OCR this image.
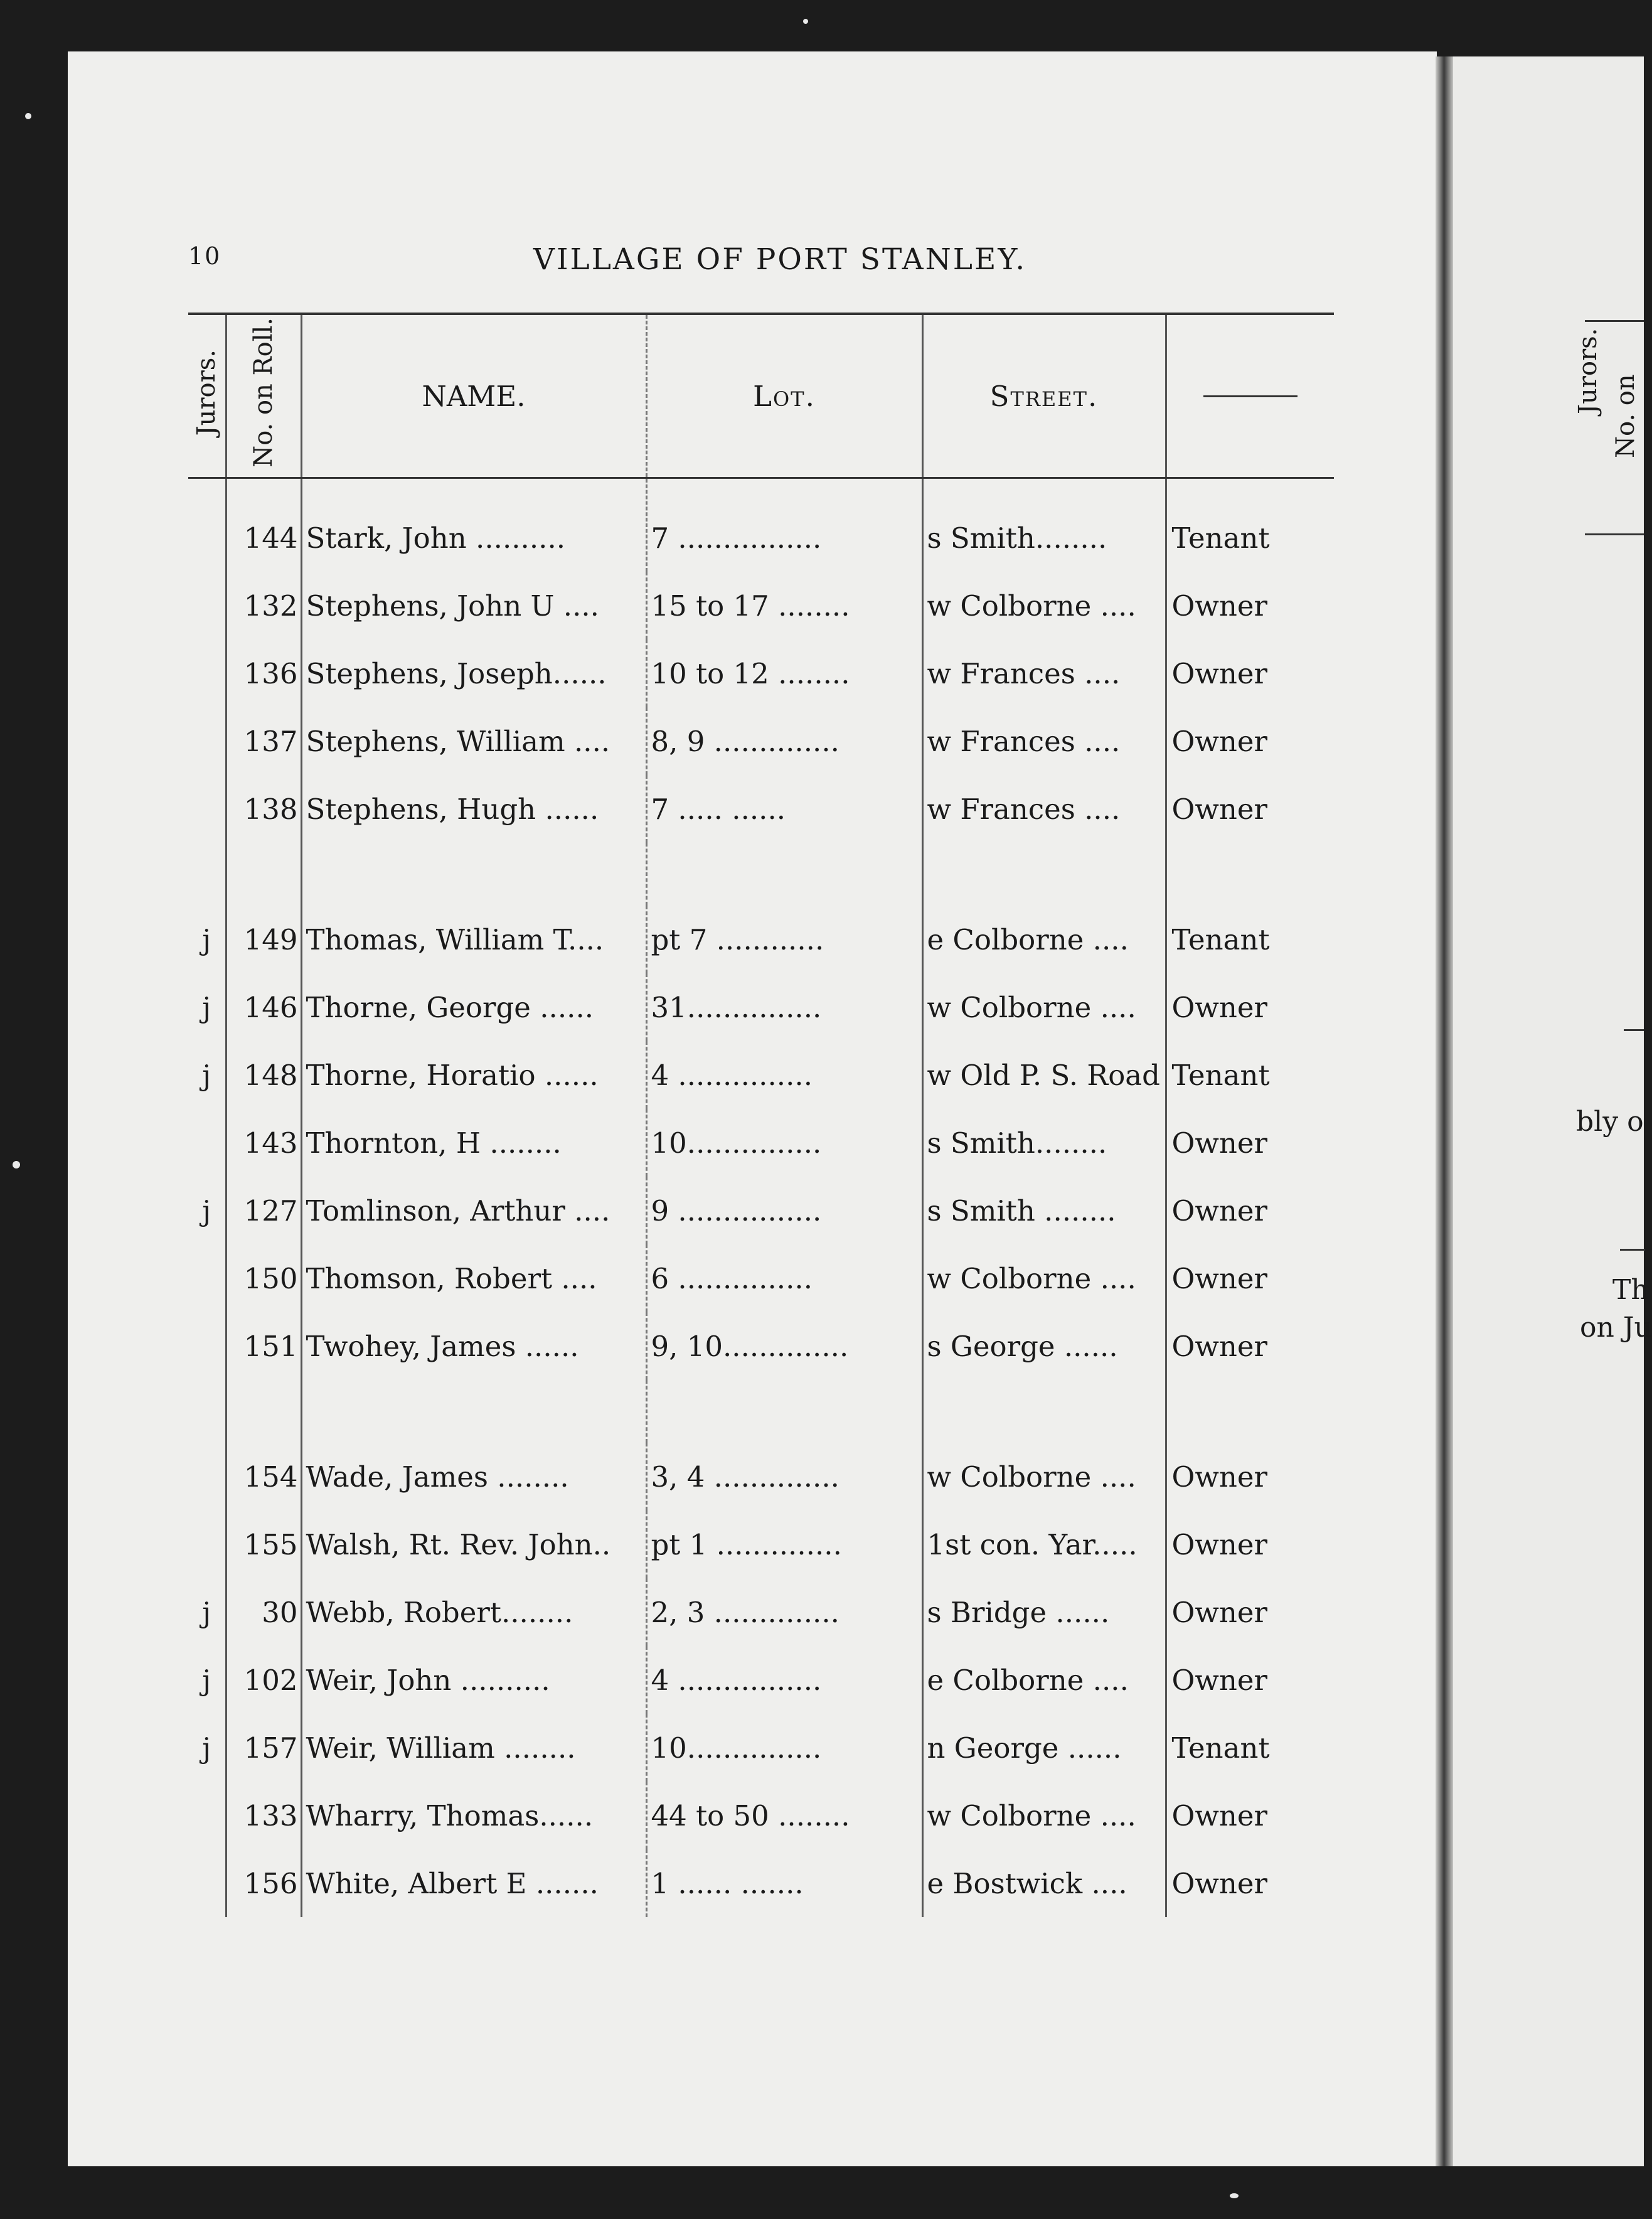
Jurors.
No. on
bly o
Th
on Ju
10	VILLAGE OF PORT STANLEY.
Jurors.	No. on Roll.	NAME.	Lot.	Street.	

	144	Stark, John ..........	7 ................	s Smith........	Tenant
	132	Stephens, John U ....	15 to 17 ........	w Colborne ....	Owner
	136	Stephens, Joseph......	10 to 12 ........	w Frances ....	Owner
	137	Stephens, William ....	8, 9 ..............	w Frances ....	Owner
	138	Stephens, Hugh ......	7 ..... ......	w Frances ....	Owner

j	149	Thomas, William T....	pt 7 ............	e Colborne ....	Tenant
j	146	Thorne, George ......	31...............	w Colborne ....	Owner
j	148	Thorne, Horatio ......	4 ...............	w Old P. S. Road	Tenant
	143	Thornton, H ........	10...............	s Smith........	Owner
j	127	Tomlinson, Arthur ....	9 ................	s Smith ........	Owner
	150	Thomson, Robert ....	6 ...............	w Colborne ....	Owner
	151	Twohey, James ......	9, 10..............	s George ......	Owner

	154	Wade, James ........	3, 4 ..............	w Colborne ....	Owner
	155	Walsh, Rt. Rev. John..	pt 1 ..............	1st con. Yar.....	Owner
j	30	Webb, Robert........	2, 3 ..............	s Bridge ......	Owner
j	102	Weir, John ..........	4 ................	e Colborne ....	Owner
j	157	Weir, William ........	10...............	n George ......	Tenant
	133	Wharry, Thomas......	44 to 50 ........	w Colborne ....	Owner
	156	White, Albert E .......	1 ...... .......	e Bostwick ....	Owner
